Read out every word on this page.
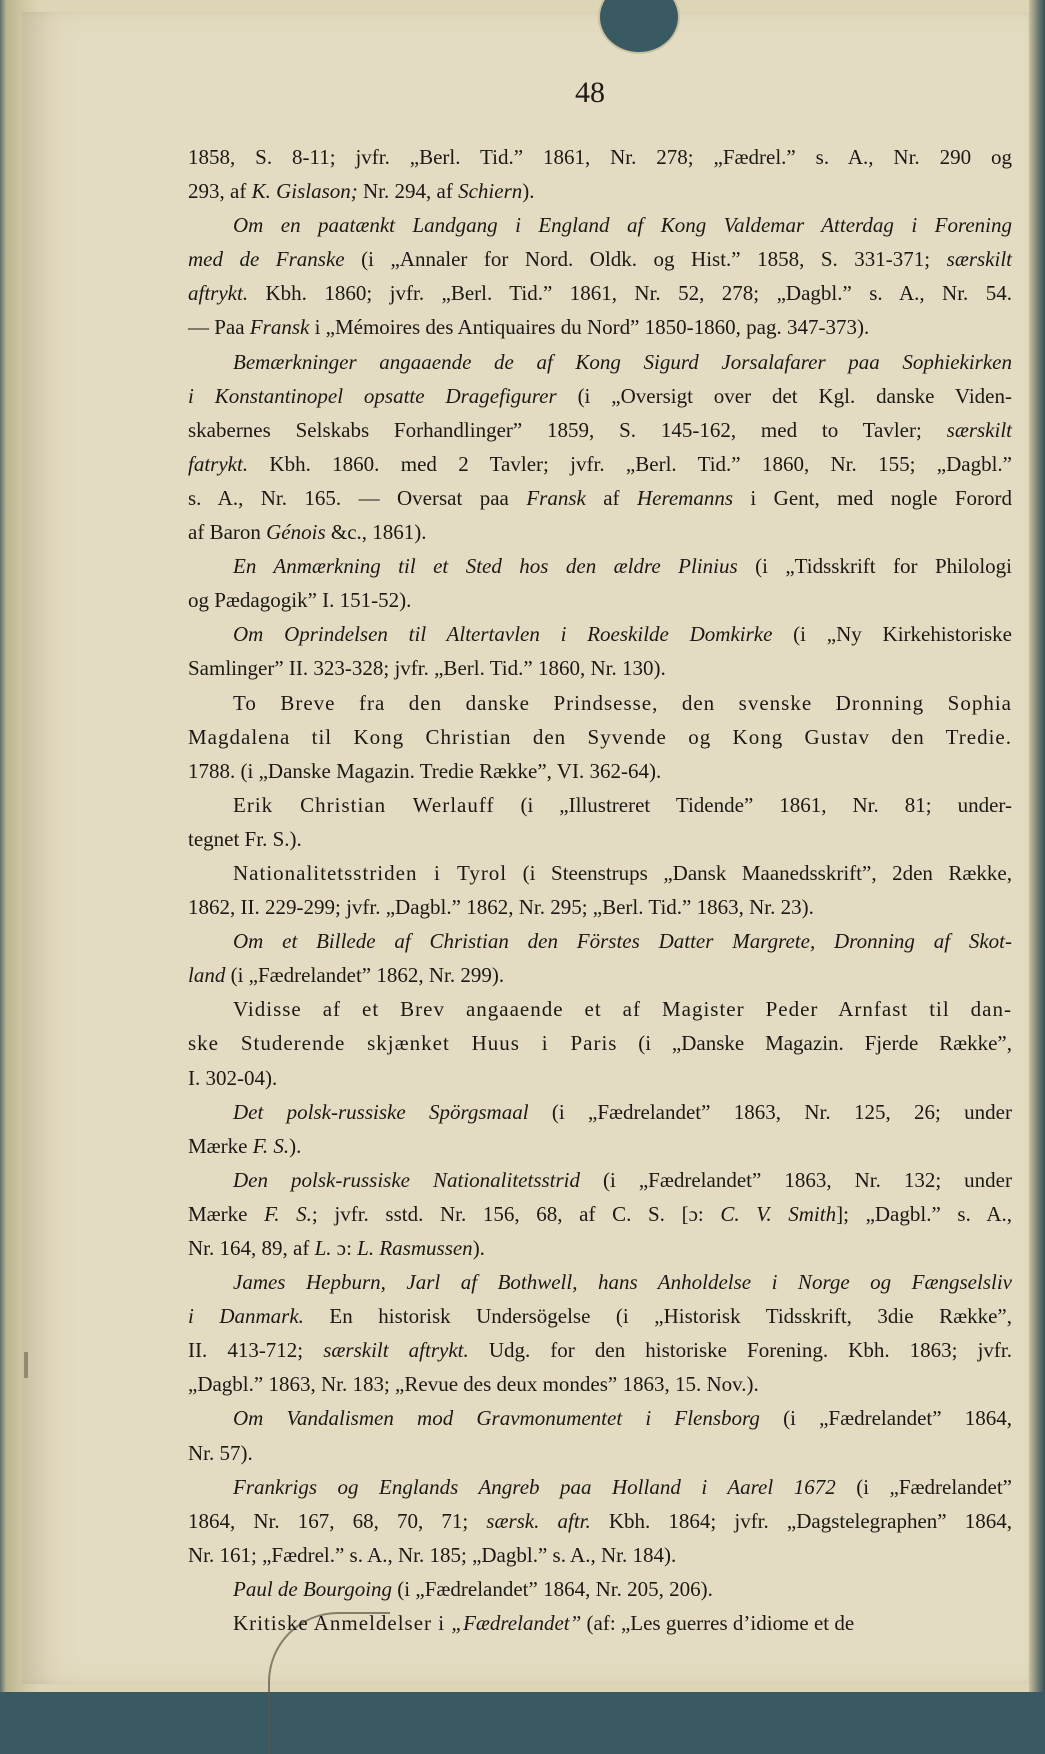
48

1858, S. 8-11; jvfr. „Berl. Tid.” 1861, Nr. 278; „Fædrel.” s. A., Nr. 290 og

293, af K. Gislason; Nr. 294, af Schiern).

Om en paatænkt Landgang i England af Kong Valdemar Atterdag i Forening

med de Franske (i „Annaler for Nord. Oldk. og Hist.” 1858, S. 331-371; særskilt

aftrykt. Kbh. 1860; jvfr. „Berl. Tid.” 1861, Nr. 52, 278; „Dagbl.” s. A., Nr. 54.

— Paa Fransk i „Mémoires des Antiquaires du Nord” 1850-1860, pag. 347-373).

Bemærkninger angaaende de af Kong Sigurd Jorsalafarer paa Sophiekirken

i Konstantinopel opsatte Dragefigurer (i „Oversigt over det Kgl. danske Viden-

skabernes Selskabs Forhandlinger” 1859, S. 145-162, med to Tavler; særskilt

fatrykt. Kbh. 1860. med 2 Tavler; jvfr. „Berl. Tid.” 1860, Nr. 155; „Dagbl.”

s. A., Nr. 165. — Oversat paa Fransk af Heremanns i Gent, med nogle Forord

af Baron Génois &c., 1861).

En Anmærkning til et Sted hos den ældre Plinius (i „Tidsskrift for Philologi

og Pædagogik” I. 151-52).

Om Oprindelsen til Altertavlen i Roeskilde Domkirke (i „Ny Kirkehistoriske

Samlinger” II. 323-328; jvfr. „Berl. Tid.” 1860, Nr. 130).

To Breve fra den danske Prindsesse, den svenske Dronning Sophia

Magdalena til Kong Christian den Syvende og Kong Gustav den Tredie.

1788. (i „Danske Magazin. Tredie Række”, VI. 362-64).

Erik Christian Werlauff (i „Illustreret Tidende” 1861, Nr. 81; under-

tegnet Fr. S.).

Nationalitetsstriden i Tyrol (i Steenstrups „Dansk Maanedsskrift”, 2den Række,

1862, II. 229-299; jvfr. „Dagbl.” 1862, Nr. 295; „Berl. Tid.” 1863, Nr. 23).

Om et Billede af Christian den Förstes Datter Margrete, Dronning af Skot-

land (i „Fædrelandet” 1862, Nr. 299).

Vidisse af et Brev angaaende et af Magister Peder Arnfast til dan-

ske Studerende skjænket Huus i Paris (i „Danske Magazin. Fjerde Række”,

I. 302-04).

Det polsk-russiske Spörgsmaal (i „Fædrelandet” 1863, Nr. 125, 26; under

Mærke F. S.).

Den polsk-russiske Nationalitetsstrid (i „Fædrelandet” 1863, Nr. 132; under

Mærke F. S.; jvfr. sstd. Nr. 156, 68, af C. S. [ɔ: C. V. Smith]; „Dagbl.” s. A.,

Nr. 164, 89, af L. ɔ: L. Rasmussen).

James Hepburn, Jarl af Bothwell, hans Anholdelse i Norge og Fængselsliv

i Danmark. En historisk Undersögelse (i „Historisk Tidsskrift, 3die Række”,

II. 413-712; særskilt aftrykt. Udg. for den historiske Forening. Kbh. 1863; jvfr.

„Dagbl.” 1863, Nr. 183; „Revue des deux mondes” 1863, 15. Nov.).

Om Vandalismen mod Gravmonumentet i Flensborg (i „Fædrelandet” 1864,

Nr. 57).

Frankrigs og Englands Angreb paa Holland i Aarel 1672 (i „Fædrelandet”

1864, Nr. 167, 68, 70, 71; særsk. aftr. Kbh. 1864; jvfr. „Dagstelegraphen” 1864,

Nr. 161; „Fædrel.” s. A., Nr. 185; „Dagbl.” s. A., Nr. 184).

Paul de Bourgoing (i „Fædrelandet” 1864, Nr. 205, 206).

Kritiske Anmeldelser i „Fædrelandet” (af: „Les guerres d’idiome et de
